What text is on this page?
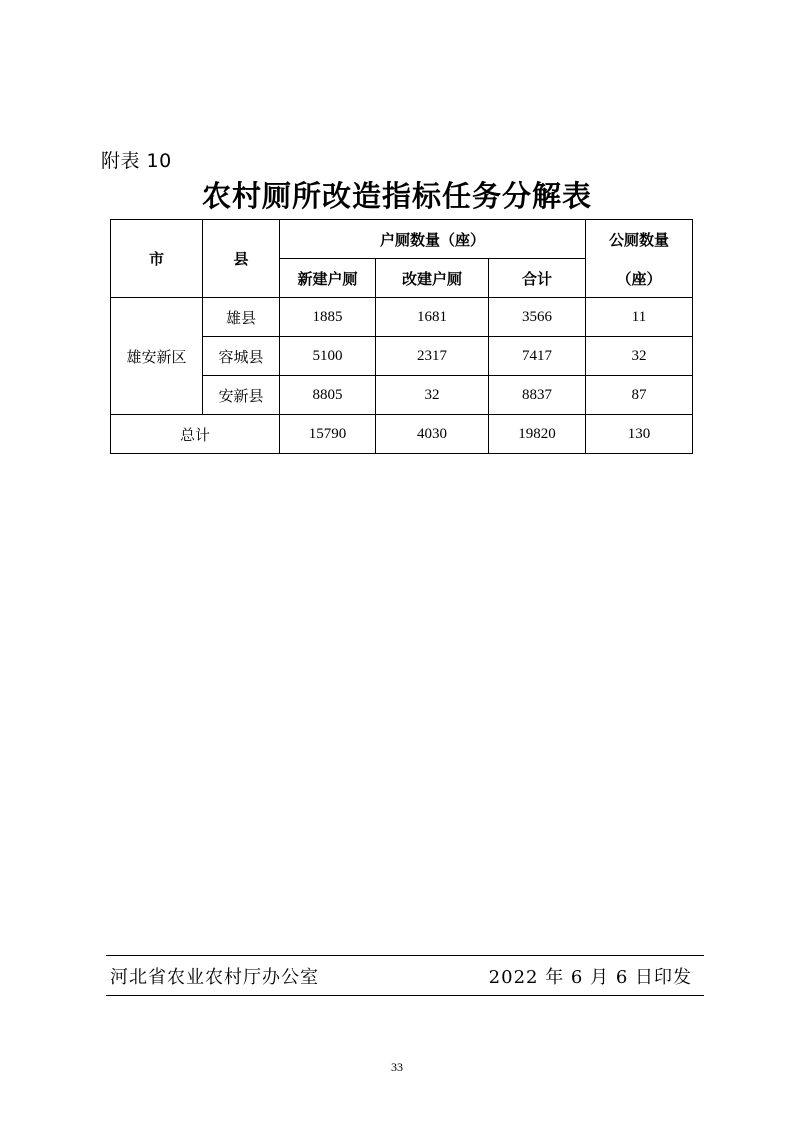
附表 10
农村厕所改造指标任务分解表
市	县	户厕数量（座）			公厕数量
（座）

		新建户厕	改建户厕	合计	
雄安新区	雄县	1885	1681	3566	11
	容城县	5100	2317	7417	32
	安新县	8805	32	8837	87
总计		15790	4030	19820	130
河北省农业农村厅办公室	2022 年 6 月 6 日印发
33
